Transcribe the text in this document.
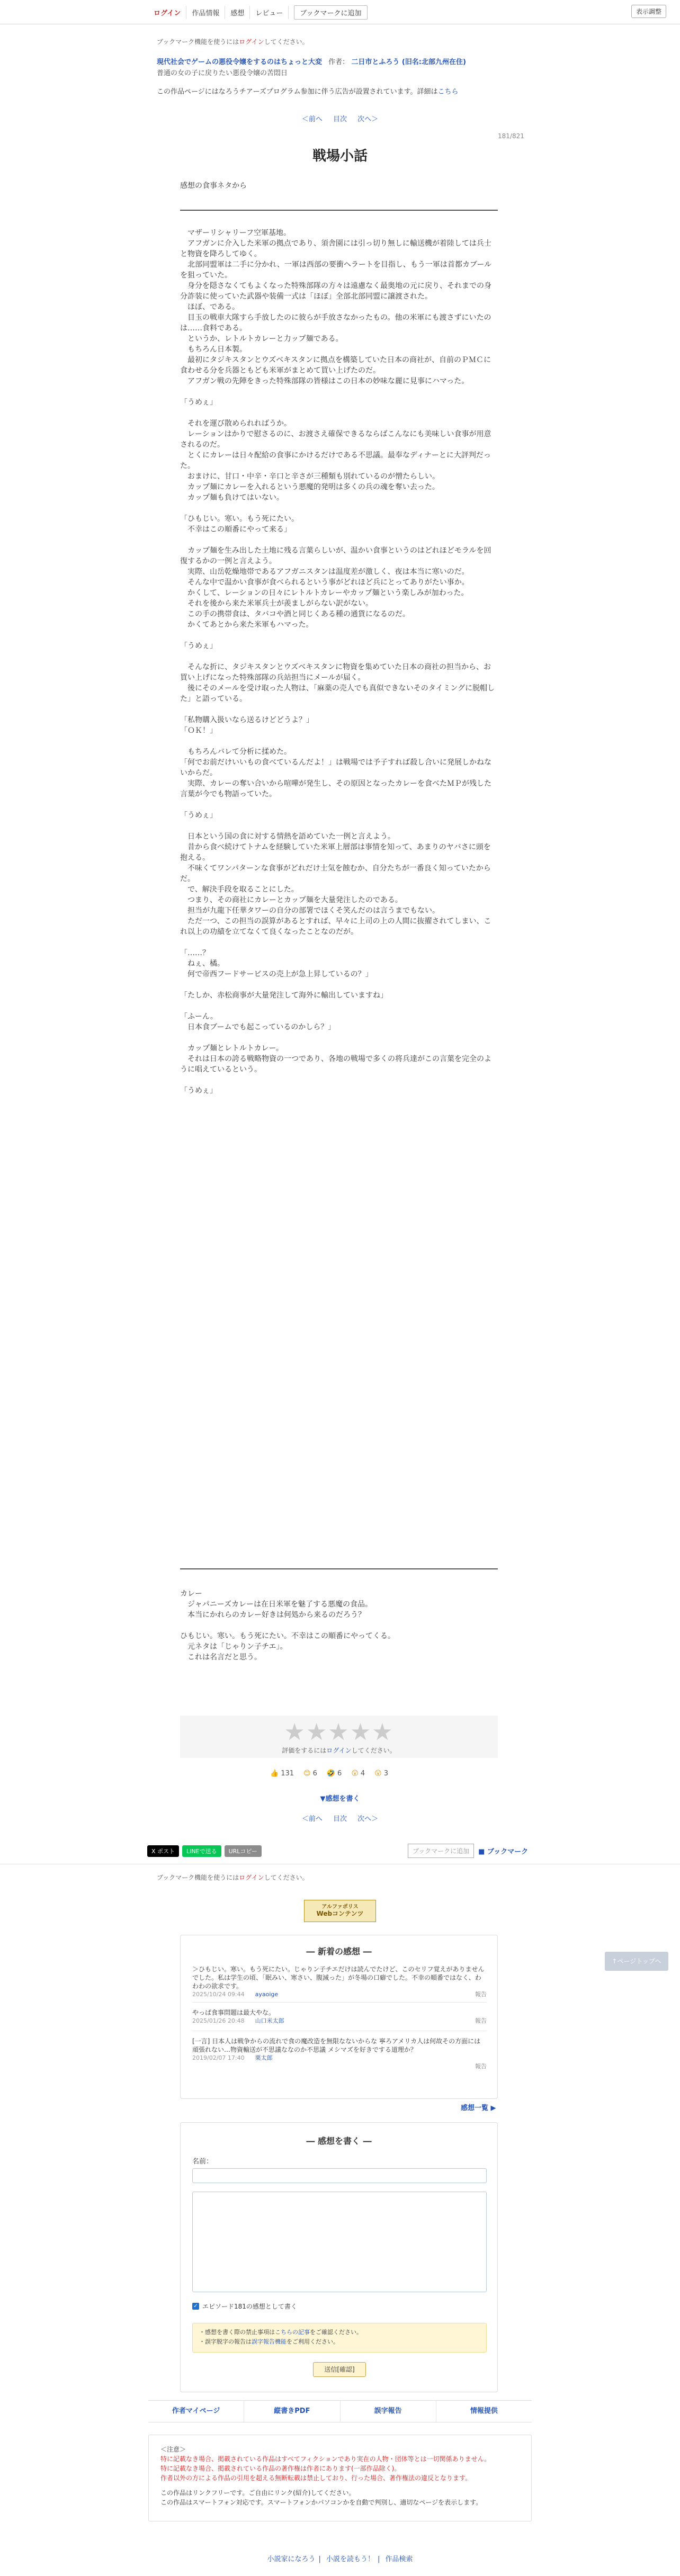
ログイン	作品情報	感想	レビュー	ブックマークに追加	表示調整
ブックマーク機能を使うにはログインしてください。
現代社会でゲームの悪役令嬢をするのはちょっと大変 作者： 二日市とふろう (旧名:北部九州在住)
普通の女の子に戻りたい悪役令嬢の苦悶日
この作品ページにはなろうチアーズプログラム参加に伴う広告が設置されています。詳細はこちら
＜前へ 目次 次へ＞
181/821
戦場小話
感想の食事ネタから

　マザーリシャリーフ空軍基地。

　アフガンに介入した米軍の拠点であり、須舎園には引っ切り無しに輸送機が着陸しては兵士と物資を降ろしてゆく。

　北部同盟軍は二手に分かれ、一軍は西部の要衝ヘラートを目指し、もう一軍は首都カブールを狙っていた。

　身分を隠さなくてもよくなった特殊部隊の方々は遠慮なく最奥地の元に戻り、それまでの身分詐装に使っていた武器や装備一式は「ほぼ」全部北部同盟に譲渡された。

　ほぼ、である。

　目玉の戦車大隊すら手放したのに彼らが手放さなかったもの。他の米軍にも渡さずにいたのは……食料である。

　というか、レトルトカレーと力ップ麺である。

　もちろん日本製。

　最初にタジキスタンとウズベキスタンに拠点を構築していた日本の商社が、自前のＰＭＣに食わせる分を兵器ともども米軍がまとめて買い上げたのだ。

　アフガン戦の先陣をきった特殊部隊の皆様はこの日本の妙味な麗に見事にハマった。

「うめぇ」

　それを運び散められればうか。

　レーションはかりで慰さるのに、お渡さえ確保できるならばこんなにも美味しい食事が用意されるのだ。

　とくにカレーは日々配給の食事にかけるだけである不思議。最奉なディナーとに大評判だった。

　おまけに、甘口・中辛・辛口と辛さが三種類も別れているのが憎たらしい。

　カップ麺にカレーを入れるという悪魔的発明は多くの兵の魂を奪い去った。

　カップ麺も負けてはいない。

「ひもじい。寒い。もう死にたい。

　不幸はこの順番にやって来る」

　カップ麺を生み出した土地に残る言葉らしいが、温かい食事というのはどれほどモラルを回復するかの一例と言えよう。

　実際、山岳乾燥地帯であるアフガニスタンは温度差が激しく、夜は本当に寒いのだ。

　そんな中で温かい食事が食べられるという事がどれほど兵にとってありがたい事か。

　かくして、レーションの日々にレトルトカレーやカップ麺という楽しみが加わった。

　それを後から来た米軍兵士が羨ましがらない訳がない。

　この手の携帯食は、タバコや酒と同じくある種の通貨になるのだ。

　かくてあとから来た米軍もハマった。

「うめぇ」

　そんな折に、タジキスタンとウズベキスタンに物資を集めていた日本の商社の担当から、お買い上げになった特殊部隊の兵站担当にメールが届く。

　後にそのメールを受け取った人物は、「麻薬の売人でも真似できないそのタイミングに脱帽した」と語っている。

「私物購入扱いなら送るけどどうよ？」

「ＯＫ！」

　もちろんバレて分析に揉めた。

「何でお前だけいいもの食べているんだよ！」は戦場では予子すれば殺し合いに発展しかねないからだ。

　実際、カレーの奪い合いから喧嘩が発生し、その原因となったカレーを食べたＭＰが残した言葉が今でも物語っていた。

「うめぇ」

　日本という国の食に対する情熱を語めていた一例と言えよう。

　昔から食べ続けてトナムを経験していた米軍上層部は事情を知って、あまりのヤバさに頭を抱える。

　不味くてワンパターンな食事がどれだけ士気を蝕むか、自分たちが一番良く知っていたからだ。

　で、解決手段を取ることにした。

　つまり、その商社にカレーとカップ麺を大量発注したのである。

　担当が九龍下任華タワーの自分の部署でほくそ笑んだのは言うまでもない。

　ただ一つ、この担当の誤算があるとすれば、早々に上司の上の人間に抜擢されてしまい、これ以上の功績を立てなくて良くなったことなのだが。

「……？

　ねぇ、橘。

　何で帝西フードサービスの売上が急上昇しているの？」

「たしか、赤松商事が大量発注して海外に輸出していますね」

「ふーん。

　日本食ブームでも起こっているのかしら？」

　カップ麺とレトルトカレー。

　それは日本の誇る戦略物資の一つであり、各地の戦場で多くの将兵達がこの言葉を完全のように唱えているという。

「うめぇ」

カレー

　ジャパニーズカレーは在日米軍を魅了する悪魔の食品。

　本当にかれらのカレー好きは何処から来るのだろう？

ひもじい。寒い。もう死にたい。不幸はこの順番にやってくる。

　元ネタは「じゃりン子チエ」。

　これは名言だと思う。

★★★★★
評価をするにはログインしてください。
👍 131 😊 6 🤣 6 😲 4 😮 3
▼感想を書く
＜前へ 目次 次へ＞
X ポスト	LINEで送る	URLコピー	ブックマークに追加	■ ブックマーク
ブックマーク機能を使うにはログインしてください。
アルファポリス
Webコンテンツ
↑ページトップへ
― 新着の感想 ―
＞ひもじい。寒い。もう死にたい。じゃりン子チエだけは読んでたけど、このセリフ覚えがありませんでした。私は学生の頃、「眠みい、寒さい、腹減った」が冬場の口癖でした。不幸の順番ではなく、わわわの欲求です。
2025/10/24 09:44 ayaoige	報告
やっぱ食事問題は最大やな。
2025/01/26 20:48 山口米太郎	報告
[一言] 日本人は戦争からの流れで食の魔改造を無限なないからな 寧ろアメリカ人は何故その方面には頑張れない…物資輸送が不思議ななのか不思議 メシマズを好きでする道理か？
2019/02/07 17:40 栗太郎
報告
感想一覧 ▶
― 感想を書く ―
名前：
✓ エピソード181の感想として書く
・感想を書く際の禁止事項はこちらの記事をご確認ください。
・誤字脱字の報告は誤字報告機能をご利用ください。
送信[確認]
作者マイページ	縦書きPDF	誤字報告	情報提供
＜注意＞
特に記載なき場合、掲載されている作品はすべてフィクションであり実在の人物・団体等とは一切関係ありません。
特に記載なき場合、掲載されている作品の著作権は作者にあります(一部作品除く)。
作者以外の方による作品の引用を超える無断転載は禁止しており、行った場合、著作権法の違反となります。
この作品はリンクフリーです。ご自由にリンク(紹介)してください。
この作品はスマートフォン対応です。スマートフォンかパソコンかを自動で判別し、適切なページを表示します。
小説家になろう | 小説を読もう！ | 作品検索
